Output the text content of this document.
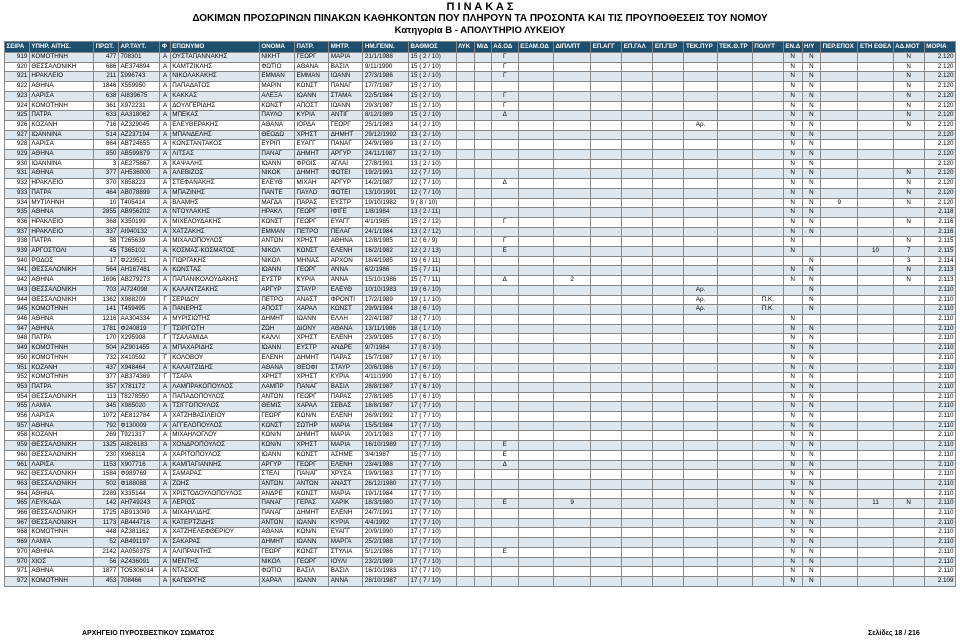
Π Ι Ν Α Κ Α Σ
ΔΟΚΙΜΩΝ ΠΡΟΣΩΡΙΝΩΝ ΠΙΝΑΚΩΝ ΚΑΘΗΚΟΝΤΩΝ ΠΟΥ ΠΛΗΡΟΥΝ ΤΑ ΠΡΟΣΟΝΤΑ ΚΑΙ ΤΙΣ ΠΡΟΥΠΟΘΕΣΕΙΣ ΤΟΥ ΝΟΜΟΥ
Κατηγορία Β - ΑΠΟΛΥΤΗΡΙΟ ΛΥΚΕΙΟΥ
ΣΕΙΡΑ	ΥΠΗΡ. ΑΙΤΗΣ.	ΠΡΩΤ.	ΑΡ.ΤΑΥΤ.	Φ	ΕΠΩΝΥΜΟ	ΟΝΟΜΑ	ΠΑΤΡ.	ΜΗΤΡ.	ΗΜ.ΓΕΝΝ.	ΒΑΘΜΟΣ	ΛΥΚ	Μ/Δ	Αδ.ΟΔ	ΕΞΑΜ.ΟΔ	ΔΙΠΛ/ΠΤ	ΕΠ.ΑΓΓ	ΕΠ.ΓΑΛ	ΕΠ.ΓΕΡ	ΤΕΚ.ΠΥΡ	ΤΕΚ.Θ.ΤΡ	ΠΟΛΥΤ	ΕΝ.Δ	Η/Υ	ΠΕΡ.ΕΠΟΧ	ΕΤΗ ΕΘΕΛ	ΑΔ.ΜΟΤ	ΜΟΡΙΑ
919	ΚΟΜΟΤΗΝΗ	477	708301	Α	ΟΥΣΤΑΠΑΝΝΑΚΗΣ	ΝΙΚΗΤ	ΓΕΩΡΓ	ΜΑΡΙΑ	21/1/1988	15 ( 2 / 10)			Γ									Ν	Ν			Ν	2.120
920	ΘΕΣΣΑΛΟΝΙΚΗ	686	ΑΕ374894	Α	ΚΑΜΤΖΙΚΛΗΣ	ΦΩΤΙΟ	ΑΘΑΝΑ	ΒΑΣΙΛ	9/11/1990	15 ( 2 / 10)			Γ									Ν	Ν			Ν	2.120
921	ΗΡΑΚΛΕΙΟ	211	Σ996743	Α	ΝΙΚΟΛΑΚΑΚΗΣ	ΕΜΜΑΝ	ΕΜΜΑΝ	ΙΩΑΝΝ	27/3/1986	15 ( 2 / 10)			Γ									Ν	Ν			Ν	2.120
922	ΑΘΗΝΑ	1846	Χ559950	Α	ΠΑΠΑΔΑΤΟΣ	ΜΑΡΙΝ	ΚΩΝΣΤ	ΠΑΝΑΓ	17/7/1987	15 ( 2 / 10)												Ν	Ν			Ν	2.120
923	ΛΑΡΙΣΑ	638	ΑΙ839675	Α	ΚΑΚΚΑΣ	ΑΛΕΞΑ	ΙΩΑΝΝ	ΣΤΑΜΑ	22/5/1984	15 ( 2 / 10)			Γ									Ν	Ν			Ν	2.120
924	ΚΟΜΟΤΗΝΗ	361	Χ972231	Α	ΔΟΥΛΓΕΡΙΔΗΣ	ΚΩΝΣΤ	ΑΠΟΣΤ	ΙΩΑΝΝ	29/3/1987	15 ( 2 / 10)			Γ									Ν	Ν			Ν	2.120
925	ΠΑΤΡΑ	633	ΑΑ318062	Α	ΜΠΕΚΑΣ	ΠΑΥΛΟ	ΚΥΡΙΑ	ΑΝΤΙΓ	8/12/1989	15 ( 2 / 10)			Δ									Ν	Ν			Ν	2.120
926	ΚΟΖΑΝΗ	716	ΑΖ329045	Α	ΕΛΕΥΘΕΡΑΚΗΣ	ΑΘΑΝΑ	ΙΟΡΔΑ	ΓΕΩΡΓ	25/1/1983	14 ( 2 / 10)									Αρ.			Ν	Ν			Ν	2.120
927	ΙΩΑΝΝΙΝΑ	514	ΑΖ237194	Α	ΜΠΑΝΔΕΛΗΣ	ΘΕΟΔΩ	ΧΡΗΣΤ	ΔΗΜΗΤ	29/12/1992	13 ( 2 / 10)												Ν	Ν				2.120
928	ΛΑΡΙΣΑ	864	ΑΒ724655	Α	ΚΩΝΣΤΑΝΤΑΚΟΣ	ΕΥΡΙΠ	ΕΥΑΓΓ	ΠΑΝΑΓ	24/9/1989	13 ( 2 / 10)												Ν	Ν				2.120
929	ΑΘΗΝΑ	850	ΑΒ599879	Α	ΛΙΤΣΑΣ	ΠΑΝΑΓ	ΔΗΜΗΤ	ΑΡΓΥΡ	24/11/1987	13 ( 2 / 10)												Ν	Ν				2.120
930	ΙΩΑΝΝΙΝΑ	3	ΑΕ275867	Α	ΚΑΨΑΛΗΣ	ΙΩΑΝΝ	ΦΡΟΙΣ	ΑΓΛΑΪ	27/8/1991	13 ( 2 / 10)												Ν	Ν				2.120
931	ΑΘΗΝΑ	377	ΑΗ536000	Α	ΑΛΕΒΙΖΟΣ	ΝΙΚΟΚ	ΔΗΜΗΤ	ΦΩΤΕΙ	19/2/1991	12 ( 7 / 10)												Ν	Ν			Ν	2.120
932	ΗΡΑΚΛΕΙΟ	370	Χ858223	Α	ΣΤΕΦΑΝΑΚΗΣ	ΕΛΕΥΘ	ΜΙΧΑΗ	ΑΡΓΥΡ	14/2/1987	12 ( 7 / 10)			Δ									Ν	Ν			Ν	2.120
933	ΠΑΤΡΑ	464	ΑΒ078899	Α	ΜΠΑΖΙΝΗΣ	ΠΑΝΤΕ	ΠΑΥΛΟ	ΦΩΤΕΙ	13/10/1991	12 ( 7 / 10)												Ν	Ν			Ν	2.120
934	ΜΥΤΙΛΗΝΗ	10	Τ405414	Α	ΒΛΑΜΗΣ	ΜΑΓΔΑ	ΠΑΡΑΣ	ΕΥΣΤΡ	19/10/1982	9 ( 8 / 10)												Ν	Ν	9		Ν	2.120
935	ΑΘΗΝΑ	2855	ΑΒ956202	Α	ΝΤΟΥΛΑΚΗΣ	ΗΡΑΚΛ	ΓΕΩΡΓ	ΙΦΙΓΕ	1/8/1984	13 ( 2 / 11)												Ν	Ν				2.118
936	ΗΡΑΚΛΕΙΟ	368	Χ350199	Α	ΜΙΧΕΛΟΥΔΑΚΗΣ	ΚΩΝΣΤ	ΓΕΩΡΓ	ΕΥΑΓΓ	4/1/1985	15 ( 2 / 12)			Γ									Ν	Ν			Ν	2.116
937	ΗΡΑΚΛΕΙΟ	337	ΑΙ940132	Α	ΧΑΤΖΑΚΗΣ	ΕΜΜΑΝ	ΠΕΤΡΟ	ΠΕΛΑΓ	24/1/1984	13 ( 2 / 12)												Ν	Ν				2.116
938	ΠΑΤΡΑ	58	Τ265639	Α	ΜΙΧΑΛΟΠΟΥΛΟΣ	ΑΝΤΩΝ	ΧΡΗΣΤ	ΑΘΗΝΑ	12/8/1985	12 ( 6 / 9)			Γ									Ν				Ν	2.115
939	ΑΡΓΟΣΤΟΛΙ	45	Τ365102	Α	ΚΟΣΜΑΣ-ΚΟΣΜΑΤΟΣ	ΝΙΚΟΛ	ΚΩΝΣΤ	ΕΛΕΝΗ	16/2/1982	12 ( 2 / 13)			Ε									Ν			10	7	2.115
940	ΡΟΔΟΣ	17	Φ229521	Α	ΓΙΩΡΓΑΚΗΣ	ΝΙΚΟΛ	ΜΗΝΑΣ	ΑΡΧΟΝ	18/4/1985	19 ( 6 / 11)													Ν			3	2.114
941	ΘΕΣΣΑΛΟΝΙΚΗ	564	ΑΗ167481	Α	ΚΩΝΣΤΑΣ	ΙΩΑΝΝ	ΓΕΩΡΓ	ΑΝΝΑ	6/2/1986	15 ( 7 / 11)												Ν	Ν			Ν	2.113
942	ΑΘΗΝΑ	1696	ΑΒ279273	Α	ΠΑΠΑΝΙΚΟΛΟΥΔΑΚΗΣ	ΕΥΣΤΡ	ΚΥΡΙΑ	ΑΝΝΑ	15/10/1986	15 ( 7 / 11)			Δ		2							Ν	Ν			Ν	2.113
943	ΘΕΣΣΑΛΟΝΙΚΗ	703	ΑΙ724098	Α	ΚΑΛΑΝΤΖΑΚΗΣ	ΑΡΓΥΡ	ΣΤΑΥΡ	ΕΛΕΥΘ	10/10/1983	19 ( 6 / 10)									Αρ.				Ν				2.110
944	ΘΕΣΣΑΛΟΝΙΚΗ	1362	Χ988209	Γ	ΣΕΡΙΔΟΥ	ΠΕΤΡΟ	ΑΝΑΣΤ	ΦΡΟΝΤΙ	17/2/1989	19 ( 1 / 10)									Αρ.		Π.Κ.		Ν				2.110
945	ΚΟΜΟΤΗΝΗ	141	Τ459495	Α	ΠΑΝΕΡΗΣ	ΑΠΟΣΤ	ΧΑΡΑΛ	ΚΩΝΣΤ	29/9/1984	18 ( 6 / 10)									Αρ.		Π.Κ.		Ν				2.110
946	ΑΘΗΝΑ	1216	ΑΑ304334	Α	ΜΥΡΙΣΙΩΤΗΣ	ΔΗΜΗΤ	ΙΩΑΝΝ	ΕΛΛΗ	22/4/1987	18 ( 7 / 10)												Ν					2.110
947	ΑΘΗΝΑ	1781	Φ240819	Γ	ΤΣΙΡΙΓΩΤΗ	ΖΩΗ	ΔΙΟΝΥ	ΑΘΑΝΑ	13/11/1986	18 ( 1 / 10)												Ν	Ν				2.110
948	ΠΑΤΡΑ	170	Χ295908	Γ	ΤΣΑΛΑΜΙΔΑ	ΚΑΛΛΙ	ΧΡΗΣΤ	ΕΛΕΝΗ	23/9/1985	17 ( 6 / 10)												Ν	Ν				2.110
949	ΚΟΜΟΤΗΝΗ	504	ΑΖ901455	Α	ΜΠΑΧΑΡΙΔΗΣ	ΙΩΑΝΝ	ΕΥΣΤΡ	ΑΝΔΡΕ	9/7/1984	17 ( 6 / 10)												Ν	Ν				2.110
950	ΚΟΜΟΤΗΝΗ	732	Χ410592	Γ	ΚΟΛΟΒΟΥ	ΕΛΕΝΗ	ΔΗΜΗΤ	ΠΑΡΑΣ	15/7/1987	17 ( 6 / 10)												Ν	Ν				2.110
951	ΚΟΖΑΝΗ	437	Χ948464	Α	ΚΑΛΑΪΤΖΙΔΗΣ	ΑΘΑΝΑ	ΘΕΟΦΙ	ΣΤΑΥΡ	20/6/1986	17 ( 6 / 10)												Ν	Ν				2.110
952	ΚΟΜΟΤΗΝΗ	377	ΑΒ374369	Γ	ΤΣΑΡΑ	ΧΡΗΣΤ	ΧΡΗΣΤ	ΚΥΡΙΑ	4/11/1990	17 ( 6 / 10)												Ν	Ν				2.110
953	ΠΑΤΡΑ	357	Χ781172	Α	ΛΑΜΠΡΑΚΟΠΟΥΛΟΣ	ΛΑΜΠΡ	ΠΑΝΑΓ	ΒΑΣΙΛ	28/8/1987	17 ( 6 / 10)												Ν	Ν				2.110
954	ΘΕΣΣΑΛΟΝΙΚΗ	113	Τ8278550	Α	ΠΑΠΑΔΟΠΟΥΛΟΣ	ΑΝΤΩΝ	ΓΕΩΡΓ	ΠΑΡΑΣ	27/8/1985	17 ( 6 / 10)												Ν	Ν				2.110
955	ΛΑΜΙΑ	345	Χ985020	Α	ΤΣΙΓΓΟΠΟΥΛΟΣ	ΘΕΜΙΣ	ΧΑΡΑΛ	ΣΕΒΑΣ	18/8/1987	17 ( 7 / 10)												Ν	Ν				2.110
956	ΛΑΡΙΣΑ	1072	ΑΕ812784	Α	ΧΑΤΖΗΒΑΣΙΛΕΙΟΥ	ΓΕΩΡΓ	ΚΩΝ/Ν	ΕΛΕΝΗ	26/9/1992	17 ( 7 / 10)												Ν	Ν				2.110
957	ΑΘΗΝΑ	792	Φ130009	Α	ΑΓΓΕΛΟΠΟΥΛΟΣ	ΚΩΝΣΤ	ΣΩΤΗΡ	ΜΑΡΙΑ	15/5/1984	17 ( 7 / 10)												Ν	Ν				2.110
958	ΚΟΖΑΝΗ	269	Τ921317	Α	ΜΙΧΑΗΛΟΓΛΟΥ	ΚΩΝ/Ν	ΔΗΜΗΤ	ΜΑΡΙΑ	20/1/1983	17 ( 7 / 10)												Ν	Ν				2.110
959	ΘΕΣΣΑΛΟΝΙΚΗ	1325	ΑΙ826183	Α	ΧΟΝΔΡΟΠΟΥΛΟΣ	ΚΩΝ/Ν	ΧΡΗΣΤ	ΜΑΡΙΑ	16/10/1989	17 ( 7 / 10)			Ε									Ν	Ν				2.110
960	ΘΕΣΣΑΛΟΝΙΚΗ	230	Χ968114	Α	ΧΑΡΙΤΟΠΟΥΛΟΣ	ΙΩΑΝΝ	ΚΩΝΣΤ	ΑΣΗΜΕ	3/4/1987	15 ( 7 / 10)			Ε									Ν	Ν				2.110
961	ΛΑΡΙΣΑ	1153	Χ907716	Α	ΚΑΜΠΑΓΙΑΝΝΗΣ	ΑΡΓΥΡ	ΓΕΩΡΓ	ΕΛΕΝΗ	23/4/1988	17 ( 7 / 10)			Δ									Ν	Ν				2.110
962	ΘΕΣΣΑΛΟΝΙΚΗ	1584	Φ989769	Α	ΣΑΜΑΡΑΣ	ΣΤΕΛΙ	ΠΑΝΑΓ	ΧΡΥΣΑ	19/9/1983	17 ( 7 / 10)												Ν	Ν				2.110
963	ΘΕΣΣΑΛΟΝΙΚΗ	502	Φ188088	Α	ΖΩΗΣ	ΑΝΤΩΝ	ΑΝΤΩΝ	ΑΝΑΣΤ	26/12/1980	17 ( 7 / 10)												Ν	Ν				2.110
964	ΑΘΗΝΑ	2289	Χ335144	Α	ΧΡΙΣΤΟΔΟΥΛΟΠΟΥΛΟΣ	ΑΝΔΡΕ	ΚΩΝΣΤ	ΜΑΡΙΑ	19/1/1984	17 ( 7 / 10)												Ν	Ν				2.110
965	ΛΕΥΚΑΔΑ	142	ΑΗ749243	Α	ΛΕΡΙΟΣ	ΠΑΝΑΓ	ΓΕΡΑΣ	ΧΑΡΙΚ	18/3/1980	17 ( 7 / 10)			Ε		9							Ν	Ν		11	Ν	2.110
966	ΘΕΣΣΑΛΟΝΙΚΗ	1725	ΑΒ913049	Α	ΜΙΧΑΗΛΙΔΗΣ	ΠΑΝΑΓ	ΔΗΜΗΤ	ΕΛΕΝΗ	24/7/1991	17 ( 7 / 10)												Ν	Ν				2.110
967	ΘΕΣΣΑΛΟΝΙΚΗ	1173	ΑΒ444716	Α	ΚΑΤΕΡΤΖΙΔΗΣ	ΑΝΤΩΝ	ΙΩΑΝΝ	ΚΥΡΙΑ	4/4/1992	17 ( 7 / 10)												Ν	Ν				2.110
968	ΚΟΜΟΤΗΝΗ	448	ΑΖ381162	Α	ΧΑΤΖΗΕΛΕΦΘΕΡΙΟΥ	ΑΘΑΝΑ	ΚΩΝ/Ν	ΕΥΑΓΓ	20/9/1990	17 ( 7 / 10)												Ν	Ν				2.110
969	ΛΑΜΙΑ	52	ΑΒ491197	Α	ΣΑΚΑΡΑΣ	ΔΗΜΗΤ	ΙΩΑΝΝ	ΜΑΡΓΑ	25/2/1988	17 ( 7 / 10)												Ν	Ν				2.110
970	ΑΘΗΝΑ	2142	ΑΑ050375	Α	ΑΛΙΠΡΑΝΤΗΣ	ΓΕΩΡΓ	ΚΩΝΣΤ	ΣΤΥΛΙΑ	5/12/1986	17 ( 7 / 10)			Ε									Ν	Ν				2.110
970	ΧΙΟΣ	56	ΑΖ436091	Α	ΜΕΝΤΗΣ	ΝΙΚΟΛ	ΓΕΩΡΓ	ΙΟΥΛΙ	23/2/1989	17 ( 7 / 10)												Ν	Ν				2.110
971	ΑΘΗΝΑ	1877	ΤΟ5306014	Α	ΝΤΑΣΙΟΣ	ΦΩΤΙΟ	ΒΑΣΙΛ	ΒΑΣΙΛ	16/10/1983	17 ( 7 / 10)												Ν	Ν				2.110
972	ΚΟΜΟΤΗΝΗ	453	708466	Α	ΚΑΠΩΡΓΗΣ	ΧΑΡΑΛ	ΙΩΑΝΝ	ΑΝΝΑ	28/10/1987	17 ( 7 / 10)												Ν	Ν				2.109
ΑΡΧΗΓΕΙΟ ΠΥΡΟΣΒΕΣΤΙΚΟΥ ΣΩΜΑΤΟΣ	Σελίδες 18 / 216
